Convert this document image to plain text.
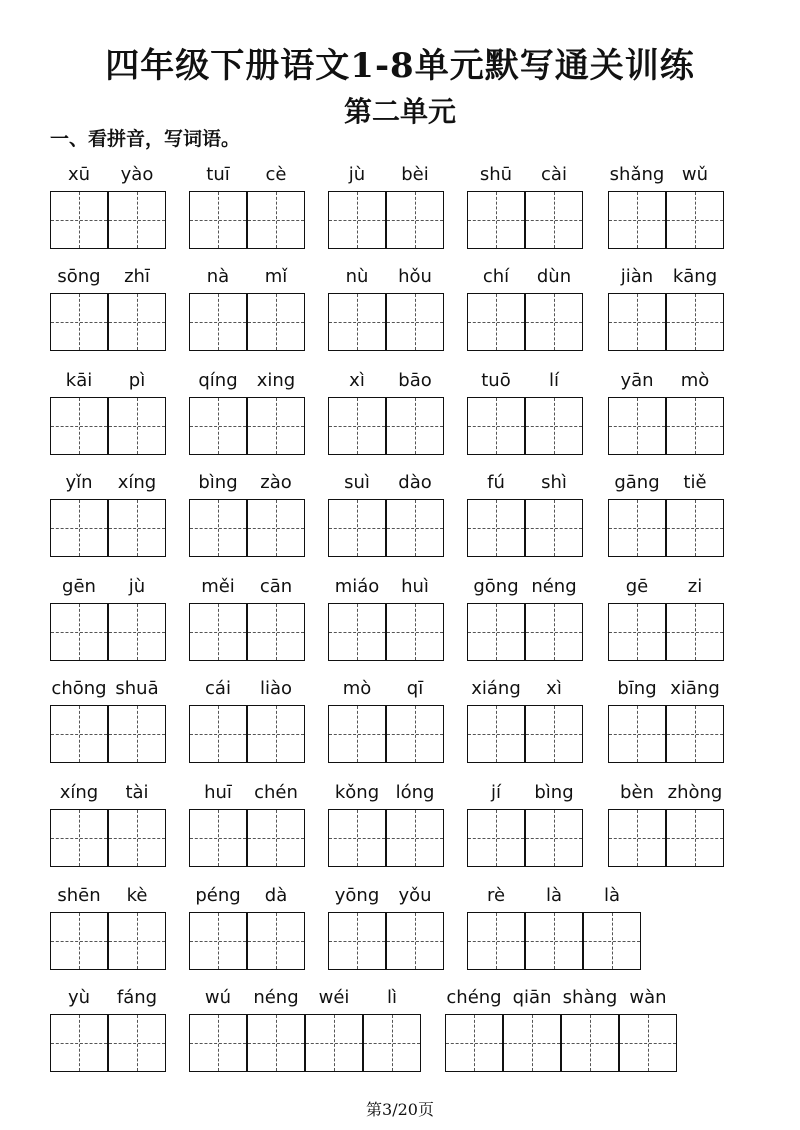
四年级下册语文1-8单元默写通关训练
第二单元
一、看拼音，写词语。
xū	yào	tuī	cè	jù	bèi	shū	cài	shǎng wǔ
sōng	zhī	nà	mǐ	nù	hǒu	chí	dùn	jiàn	kāng
kāi	pì	qíng	xing	xì	bāo	tuō	lí	yān	mò
yǐn	xíng	bìng	zào	suì	dào	fú	shì	gāng	tiě
gēn	jù	měi	cān	miáo	huì	gōng néng	gē	zi
chōng shuā	cái	liào	mò	qī	xiáng	xì	bīng xiāng
xíng	tài	huī	chén	kǒng lóng	jí	bìng	bèn zhòng
shēn	kè	péng	dà	yōng	yǒu	rè	là	là
yù	fáng	wú	néng	wéi	lì	chéng qiān shàng wàn
第3/20页
